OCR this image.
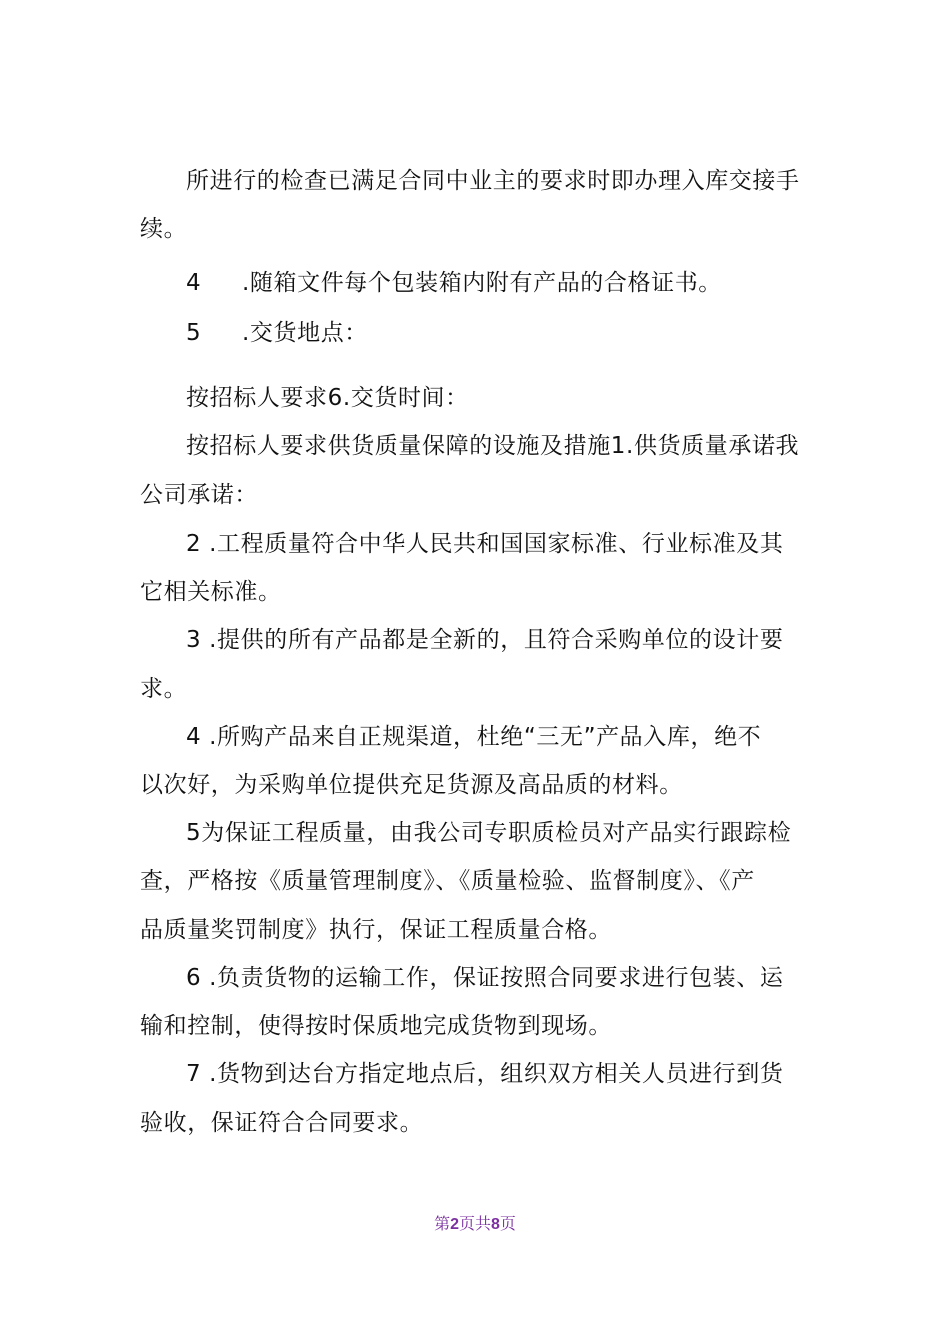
所进行的检查已满足合同中业主的要求时即办理入库交接手
续。
4 .随箱文件每个包装箱内附有产品的合格证书。
5 .交货地点：
按招标人要求6.交货时间：
按招标人要求供货质量保障的设施及措施1.供货质量承诺我
公司承诺：
2 .工程质量符合中华人民共和国国家标准、行业标准及其
它相关标准。
3 .提供的所有产品都是全新的，且符合采购单位的设计要
求。
4 .所购产品来自正规渠道，杜绝“三无”产品入库，绝不
以次好，为采购单位提供充足货源及高品质的材料。
5为保证工程质量，由我公司专职质检员对产品实行跟踪检
查，严格按《质量管理制度》、《质量检验、监督制度》、《产
品质量奖罚制度》执行，保证工程质量合格。
6 .负责货物的运输工作，保证按照合同要求进行包装、运
输和控制，使得按时保质地完成货物到现场。
7 .货物到达台方指定地点后，组织双方相关人员进行到货
验收，保证符合合同要求。
第2页共8页
